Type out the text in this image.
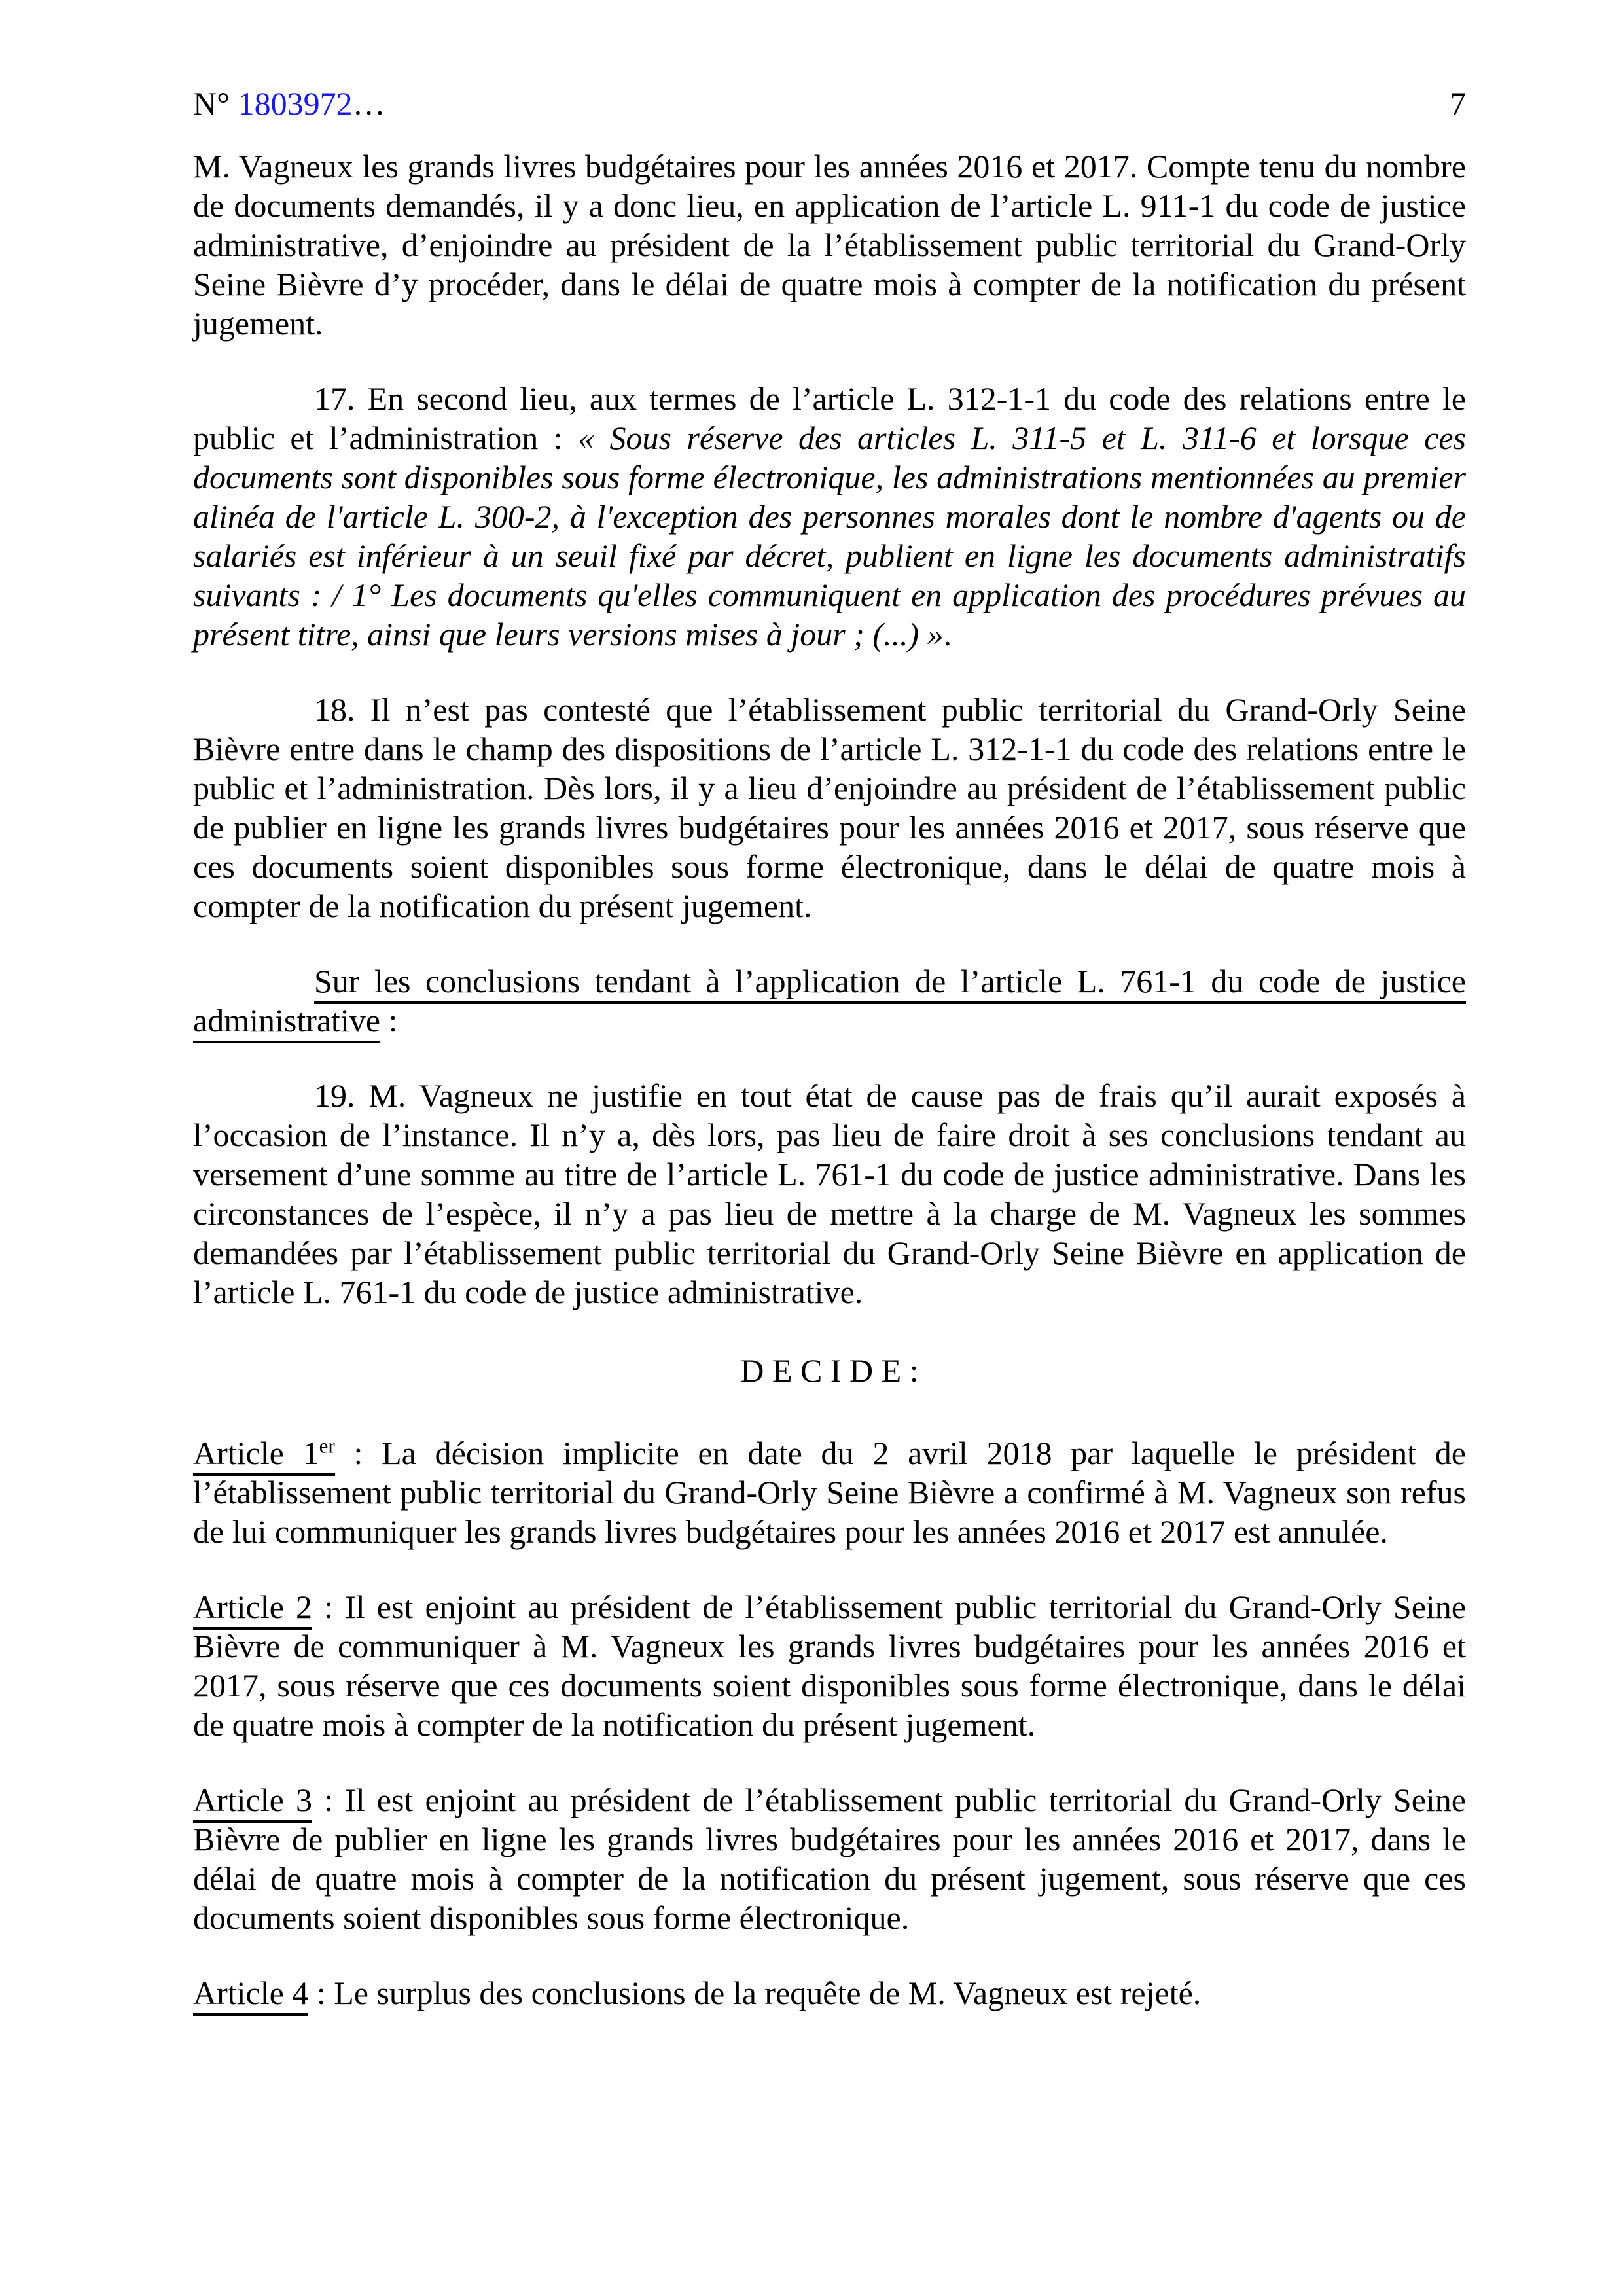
N° 1803972…	7

M. Vagneux les grands livres budgétaires pour les années 2016 et 2017. Compte tenu du nombre de documents demandés, il y a donc lieu, en application de l’article L. 911-1 du code de justice administrative, d’enjoindre au président de la l’établissement public territorial du Grand-Orly Seine Bièvre d’y procéder, dans le délai de quatre mois à compter de la notification du présent jugement.

17. En second lieu, aux termes de l’article L. 312-1-1 du code des relations entre le public et l’administration : « Sous réserve des articles L. 311-5 et L. 311-6 et lorsque ces documents sont disponibles sous forme électronique, les administrations mentionnées au premier alinéa de l'article L. 300-2, à l'exception des personnes morales dont le nombre d'agents ou de salariés est inférieur à un seuil fixé par décret, publient en ligne les documents administratifs suivants : / 1° Les documents qu'elles communiquent en application des procédures prévues au présent titre, ainsi que leurs versions mises à jour ; (...) ».

18. Il n’est pas contesté que l’établissement public territorial du Grand-Orly Seine Bièvre entre dans le champ des dispositions de l’article L. 312-1-1 du code des relations entre le public et l’administration. Dès lors, il y a lieu d’enjoindre au président de l’établissement public de publier en ligne les grands livres budgétaires pour les années 2016 et 2017, sous réserve que ces documents soient disponibles sous forme électronique, dans le délai de quatre mois à compter de la notification du présent jugement.

Sur les conclusions tendant à l’application de l’article L. 761-1 du code de justice administrative :

19. M. Vagneux ne justifie en tout état de cause pas de frais qu’il aurait exposés à l’occasion de l’instance. Il n’y a, dès lors, pas lieu de faire droit à ses conclusions tendant au versement d’une somme au titre de l’article L. 761-1 du code de justice administrative. Dans les circonstances de l’espèce, il n’y a pas lieu de mettre à la charge de M. Vagneux les sommes demandées par l’établissement public territorial du Grand-Orly Seine Bièvre en application de l’article L. 761-1 du code de justice administrative.

D E C I D E :

Article 1er : La décision implicite en date du 2 avril 2018 par laquelle le président de l’établissement public territorial du Grand-Orly Seine Bièvre a confirmé à M. Vagneux son refus de lui communiquer les grands livres budgétaires pour les années 2016 et 2017 est annulée.

Article 2 : Il est enjoint au président de l’établissement public territorial du Grand-Orly Seine Bièvre de communiquer à M. Vagneux les grands livres budgétaires pour les années 2016 et 2017, sous réserve que ces documents soient disponibles sous forme électronique, dans le délai de quatre mois à compter de la notification du présent jugement.

Article 3 : Il est enjoint au président de l’établissement public territorial du Grand-Orly Seine Bièvre de publier en ligne les grands livres budgétaires pour les années 2016 et 2017, dans le délai de quatre mois à compter de la notification du présent jugement, sous réserve que ces documents soient disponibles sous forme électronique.

Article 4 : Le surplus des conclusions de la requête de M. Vagneux est rejeté.
